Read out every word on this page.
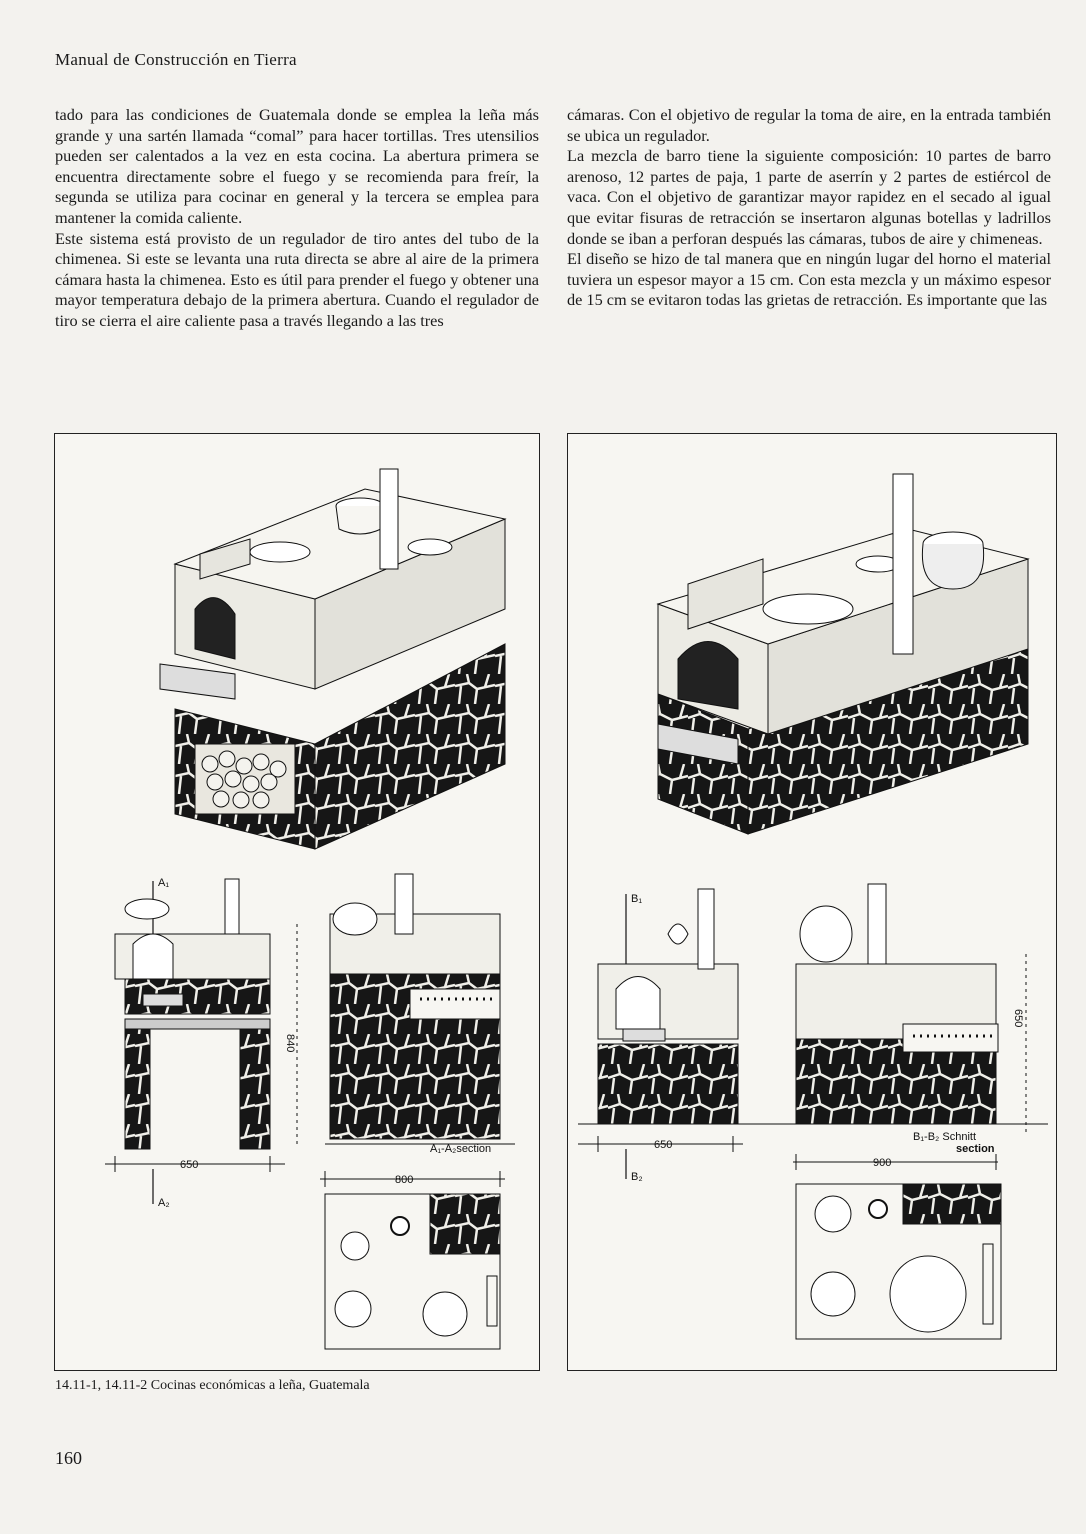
Manual de Construcción en Tierra

tado para las condiciones de Guatemala donde se emplea la leña más grande y una sartén llamada “comal” para hacer tortillas. Tres utensilios pueden ser calentados a la vez en esta cocina. La abertura primera se encuentra directamente sobre el fuego y se recomienda para freír, la segunda se utiliza para cocinar en general y la tercera se emplea para mantener la comida caliente.

Este sistema está provisto de un regulador de tiro antes del tubo de la chimenea. Si este se levanta una ruta directa se abre al aire de la primera cámara hasta la chimenea. Esto es útil para prender el fuego y obtener una mayor temperatura debajo de la primera abertura. Cuando el regulador de tiro se cierra el aire caliente pasa a través llegando a las tres

cámaras. Con el objetivo de regular la toma de aire, en la entrada también se ubica un regulador.

La mezcla de barro tiene la siguiente composición: 10 partes de barro arenoso, 12 partes de paja, 1 parte de aserrín y 2 partes de estiércol de vaca. Con el objetivo de garantizar mayor rapidez en el secado al igual que evitar fisuras de retracción se insertaron algunas botellas y ladrillos donde se iban a perforan después las cámaras, tubos de aire y chimeneas.

El diseño se hizo de tal manera que en ningún lugar del horno el material tuviera un espesor mayor a 15 cm. Con esta mezcla y un máximo espesor de 15 cm se evitaron todas las grietas de retracción. Es importante que las

A₁
A₂
650
840
A₁-A₂section
800
B₁
B₂
650
650
B₁-B₂ Schnitt
section
900
14.11-1, 14.11-2 Cocinas económicas a leña, Guatemala
160
